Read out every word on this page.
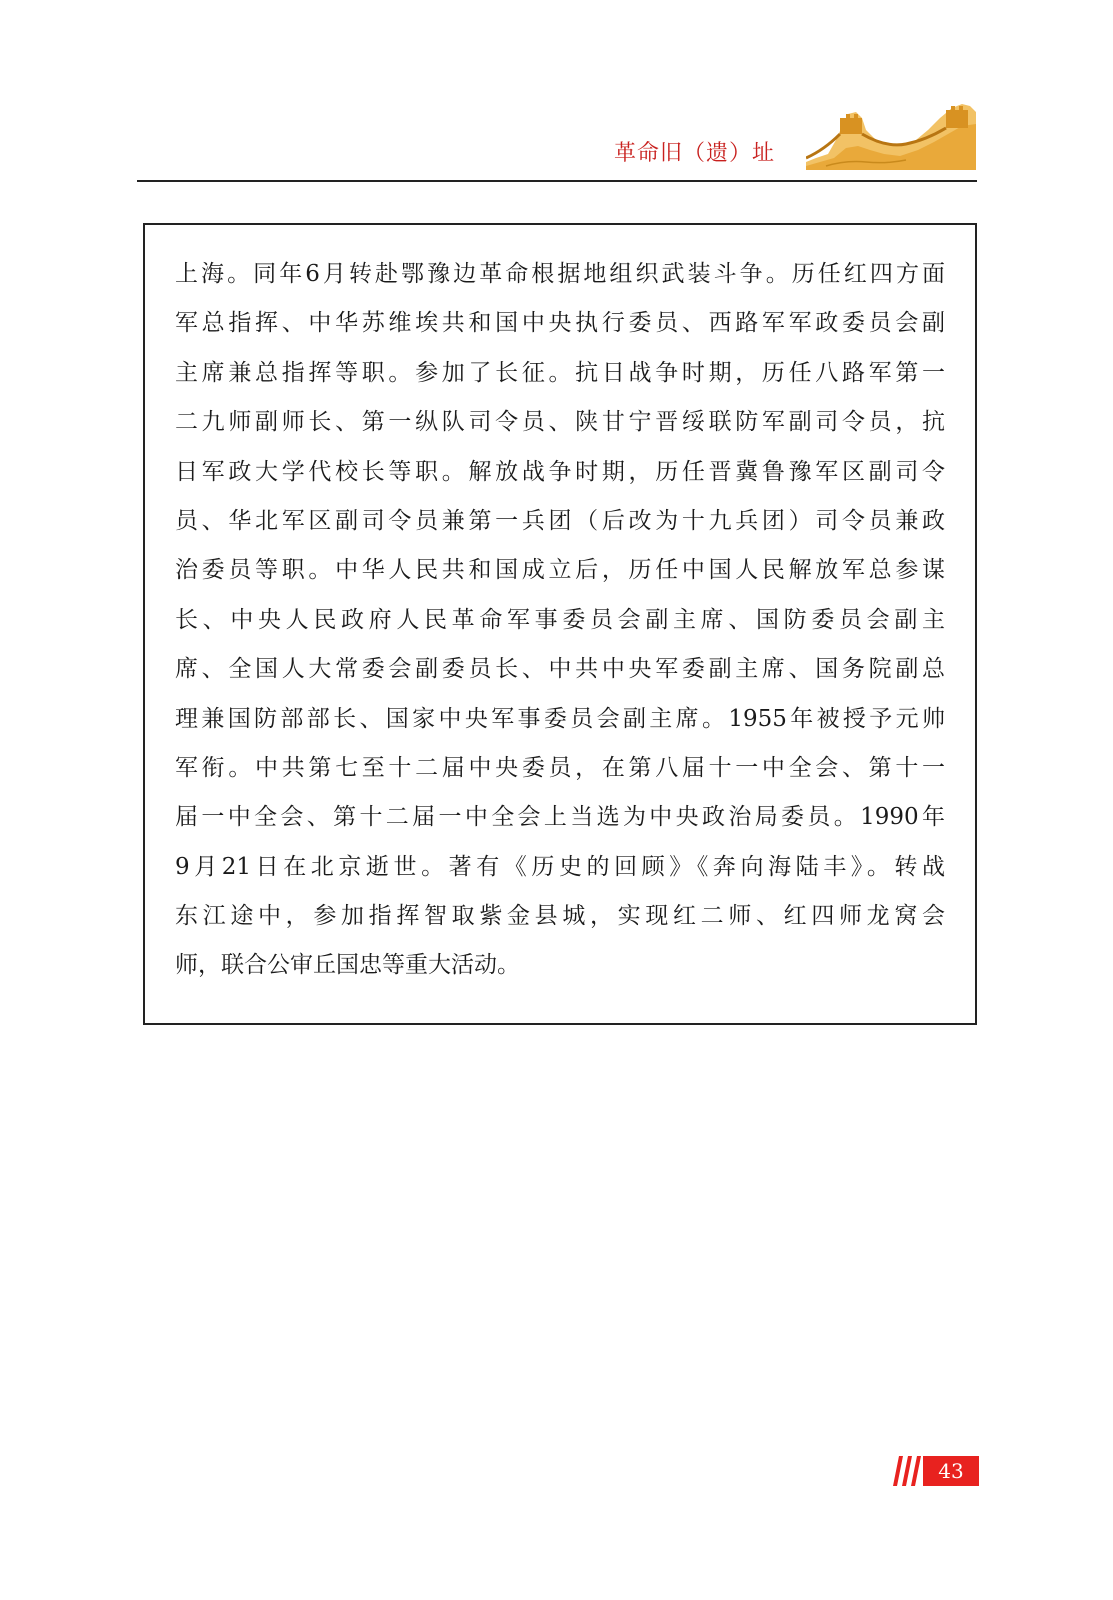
革命旧（遗）址
上海。同年6月转赴鄂豫边革命根据地组织武装斗争。历任红四方面
军总指挥、中华苏维埃共和国中央执行委员、西路军军政委员会副
主席兼总指挥等职。参加了长征。抗日战争时期，历任八路军第一
二九师副师长、第一纵队司令员、陕甘宁晋绥联防军副司令员，抗
日军政大学代校长等职。解放战争时期，历任晋冀鲁豫军区副司令
员、华北军区副司令员兼第一兵团（后改为十九兵团）司令员兼政
治委员等职。中华人民共和国成立后，历任中国人民解放军总参谋
长、中央人民政府人民革命军事委员会副主席、国防委员会副主
席、全国人大常委会副委员长、中共中央军委副主席、国务院副总
理兼国防部部长、国家中央军事委员会副主席。1955年被授予元帅
军衔。中共第七至十二届中央委员，在第八届十一中全会、第十一
届一中全会、第十二届一中全会上当选为中央政治局委员。1990年
9月21日在北京逝世。著有《历史的回顾》《奔向海陆丰》。转战
东江途中，参加指挥智取紫金县城，实现红二师、红四师龙窝会
师，联合公审丘国忠等重大活动。
43
